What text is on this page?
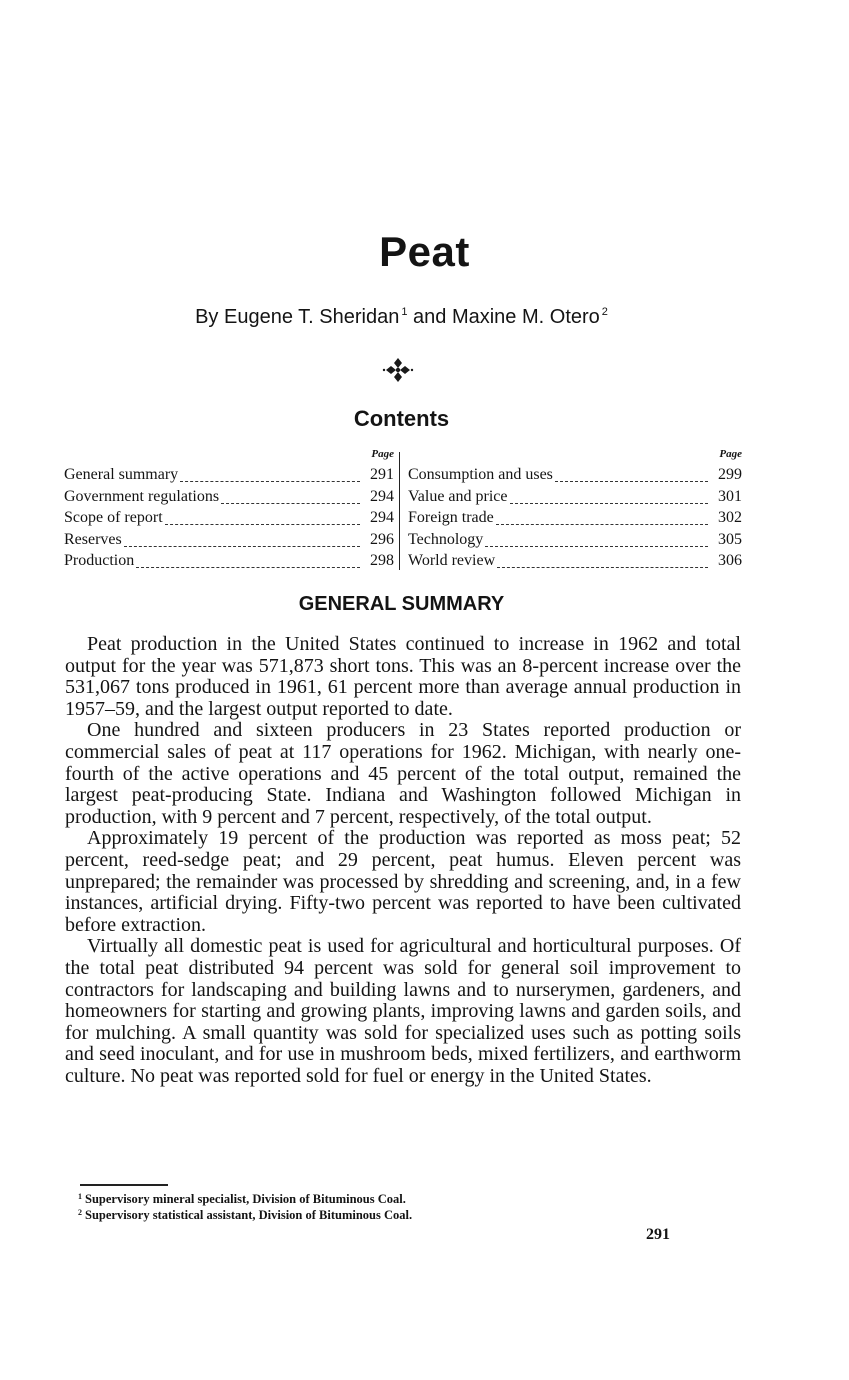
Peat
By Eugene T. Sheridan $^1$ and Maxine M. Otero $^2$
Contents
Page
General summary	291
Government regulations	294
Scope of report	294
Reserves	296
Production	298
Page
Consumption and uses	299
Value and price	301
Foreign trade	302
Technology	305
World review	306
GENERAL SUMMARY

Peat production in the United States continued to increase in 1962 and total output for the year was 571,873 short tons. This was an 8-percent increase over the 531,067 tons produced in 1961, 61 percent more than average annual production in 1957–59, and the largest output reported to date.

One hundred and sixteen producers in 23 States reported production or commercial sales of peat at 117 operations for 1962. Michigan, with nearly one-fourth of the active operations and 45 percent of the total output, remained the largest peat-producing State. Indiana and Washington followed Michigan in production, with 9 percent and 7 percent, respectively, of the total output.

Approximately 19 percent of the production was reported as moss peat; 52 percent, reed-sedge peat; and 29 percent, peat humus. Eleven percent was unprepared; the remainder was processed by shredding and screening, and, in a few instances, artificial drying. Fifty-two percent was reported to have been cultivated before extraction.

Virtually all domestic peat is used for agricultural and horticultural purposes. Of the total peat distributed 94 percent was sold for general soil improvement to contractors for landscaping and building lawns and to nurserymen, gardeners, and homeowners for starting and growing plants, improving lawns and garden soils, and for mulching. A small quantity was sold for specialized uses such as potting soils and seed inoculant, and for use in mushroom beds, mixed fertilizers, and earthworm culture. No peat was reported sold for fuel or energy in the United States.

$^1$ Supervisory mineral specialist, Division of Bituminous Coal.
$^2$ Supervisory statistical assistant, Division of Bituminous Coal.
291
